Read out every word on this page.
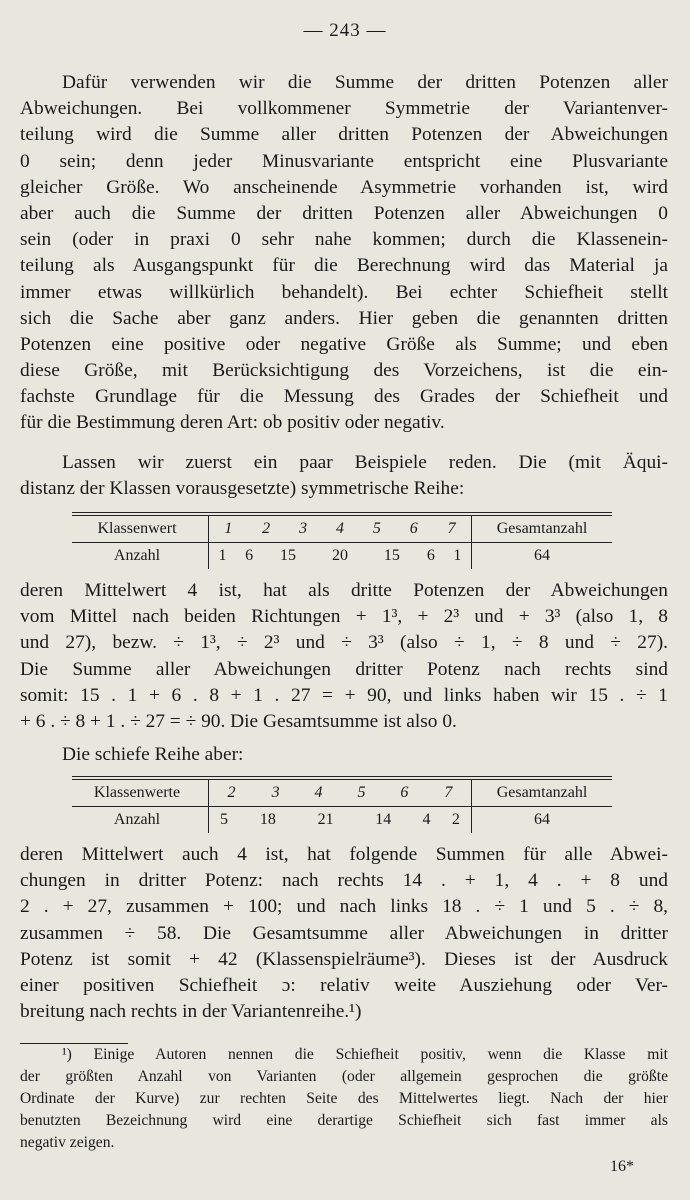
— 243 —
Dafür verwenden wir die Summe der dritten Potenzen aller
Abweichungen. Bei vollkommener Symmetrie der Variantenver-
teilung wird die Summe aller dritten Potenzen der Abweichungen
0 sein; denn jeder Minusvariante entspricht eine Plusvariante
gleicher Größe. Wo anscheinende Asymmetrie vorhanden ist, wird
aber auch die Summe der dritten Potenzen aller Abweichungen 0
sein (oder in praxi 0 sehr nahe kommen; durch die Klassenein-
teilung als Ausgangspunkt für die Berechnung wird das Material ja
immer etwas willkürlich behandelt). Bei echter Schiefheit stellt
sich die Sache aber ganz anders. Hier geben die genannten dritten
Potenzen eine positive oder negative Größe als Summe; und eben
diese Größe, mit Berücksichtigung des Vorzeichens, ist die ein-
fachste Grundlage für die Messung des Grades der Schiefheit und
für die Bestimmung deren Art: ob positiv oder negativ.
Lassen wir zuerst ein paar Beispiele reden. Die (mit Äqui-
distanz der Klassen vorausgesetzte) symmetrische Reihe:
Klassenwert	1	2	3	4	5	6	7	Gesamtanzahl
Anzahl	1	6	15	20	15	6	1	64
deren Mittelwert 4 ist, hat als dritte Potenzen der Abweichungen
vom Mittel nach beiden Richtungen + 1³, + 2³ und + 3³ (also 1, 8
und 27), bezw. ÷ 1³, ÷ 2³ und ÷ 3³ (also ÷ 1, ÷ 8 und ÷ 27).
Die Summe aller Abweichungen dritter Potenz nach rechts sind
somit: 15 . 1 + 6 . 8 + 1 . 27 = + 90, und links haben wir 15 . ÷ 1
+ 6 . ÷ 8 + 1 . ÷ 27 = ÷ 90. Die Gesamtsumme ist also 0.
Die schiefe Reihe aber:
Klassenwerte	2	3	4	5	6	7	Gesamtanzahl
Anzahl	5	18	21	14	4	2	64
deren Mittelwert auch 4 ist, hat folgende Summen für alle Abwei-
chungen in dritter Potenz: nach rechts 14 . + 1, 4 . + 8 und
2 . + 27, zusammen + 100; und nach links 18 . ÷ 1 und 5 . ÷ 8,
zusammen ÷ 58. Die Gesamtsumme aller Abweichungen in dritter
Potenz ist somit + 42 (Klassenspielräume³). Dieses ist der Ausdruck
einer positiven Schiefheit ɔ: relativ weite Ausziehung oder Ver-
breitung nach rechts in der Variantenreihe.¹)
¹) Einige Autoren nennen die Schiefheit positiv, wenn die Klasse mit
der größten Anzahl von Varianten (oder allgemein gesprochen die größte
Ordinate der Kurve) zur rechten Seite des Mittelwertes liegt. Nach der hier
benutzten Bezeichnung wird eine derartige Schiefheit sich fast immer als
negativ zeigen.
16*
